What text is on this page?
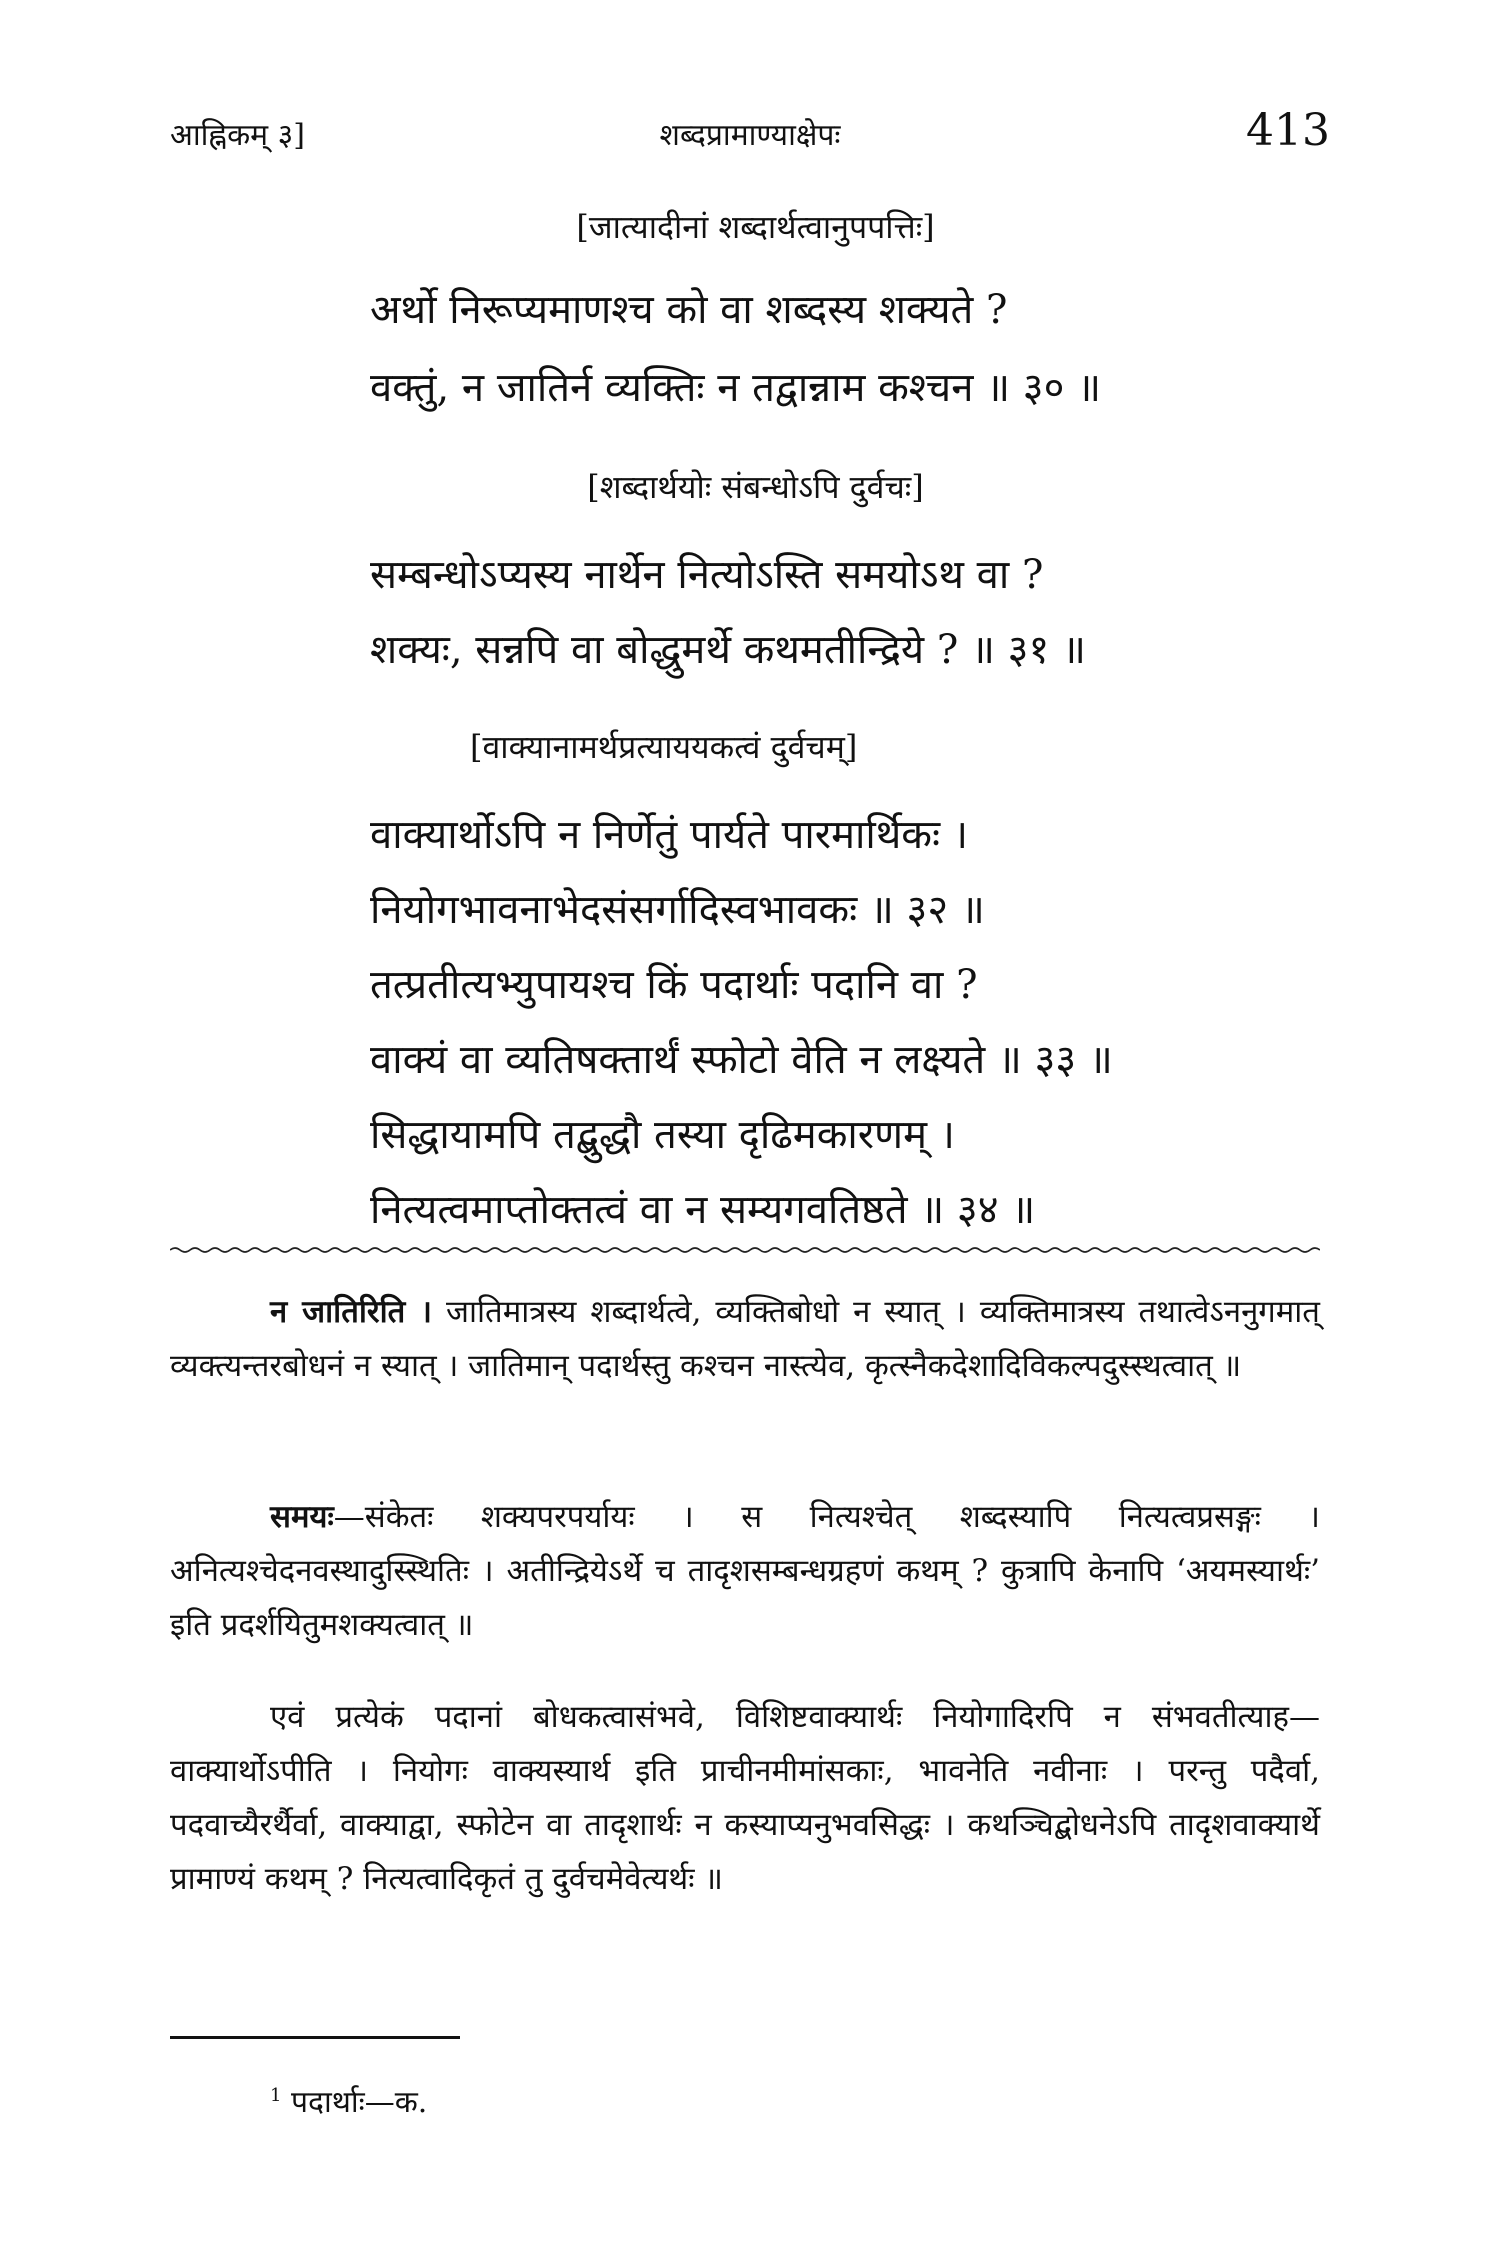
आह्निकम् ३]	शब्दप्रामाण्याक्षेपः	413
[जात्यादीनां शब्दार्थत्वानुपपत्तिः]
अर्थो निरूप्यमाणश्च को वा शब्दस्य शक्यते ?
वक्तुं, न जातिर्न व्यक्तिः न तद्वान्नाम कश्चन ॥ ३० ॥
[शब्दार्थयोः संबन्धोऽपि दुर्वचः]
सम्बन्धोऽप्यस्य नार्थेन नित्योऽस्ति समयोऽथ वा ?
शक्यः, सन्नपि वा बोद्धुमर्थे कथमतीन्द्रिये ? ॥ ३१ ॥
[वाक्यानामर्थप्रत्याययकत्वं दुर्वचम्]
वाक्यार्थोऽपि न निर्णेतुं पार्यते पारमार्थिकः ।
नियोगभावनाभेदसंसर्गादिस्वभावकः ॥ ३२ ॥
तत्प्रतीत्यभ्युपायश्च किं पदार्थाः पदानि वा ?
वाक्यं वा व्यतिषक्तार्थं स्फोटो वेति न लक्ष्यते ॥ ३३ ॥
सिद्धायामपि तद्बुद्धौ तस्या दृढिमकारणम् ।
नित्यत्वमाप्तोक्तत्वं वा न सम्यगवतिष्ठते ॥ ३४ ॥

न जातिरिति । जातिमात्रस्य शब्दार्थत्वे, व्यक्तिबोधो न स्यात् । व्यक्तिमात्रस्य तथात्वेऽननुगमात् व्यक्त्यन्तरबोधनं न स्यात् । जातिमान् पदार्थस्तु कश्चन नास्त्येव, कृत्स्नैकदेशादिविकल्पदुस्स्थत्वात् ॥

समयः—संकेतः शक्यपरपर्यायः । स नित्यश्चेत् शब्दस्यापि नित्यत्वप्रसङ्गः । अनित्यश्चेदनवस्थादुस्स्थितिः । अतीन्द्रियेऽर्थे च तादृशसम्बन्धग्रहणं कथम् ? कुत्रापि केनापि ‘अयमस्यार्थः’ इति प्रदर्शयितुमशक्यत्वात् ॥

एवं प्रत्येकं पदानां बोधकत्वासंभवे, विशिष्टवाक्यार्थः नियोगादिरपि न संभवतीत्याह—वाक्यार्थोऽपीति । नियोगः वाक्यस्यार्थ इति प्राचीनमीमांसकाः, भावनेति नवीनाः । परन्तु पदैर्वा, पदवाच्यैरर्थैर्वा, वाक्याद्वा, स्फोटेन वा तादृशार्थः न कस्याप्यनुभवसिद्धः । कथञ्चिद्बोधनेऽपि तादृशवाक्यार्थे प्रामाण्यं कथम् ? नित्यत्वादिकृतं तु दुर्वचमेवेत्यर्थः ॥

$^1$ पदार्थाः—क.
